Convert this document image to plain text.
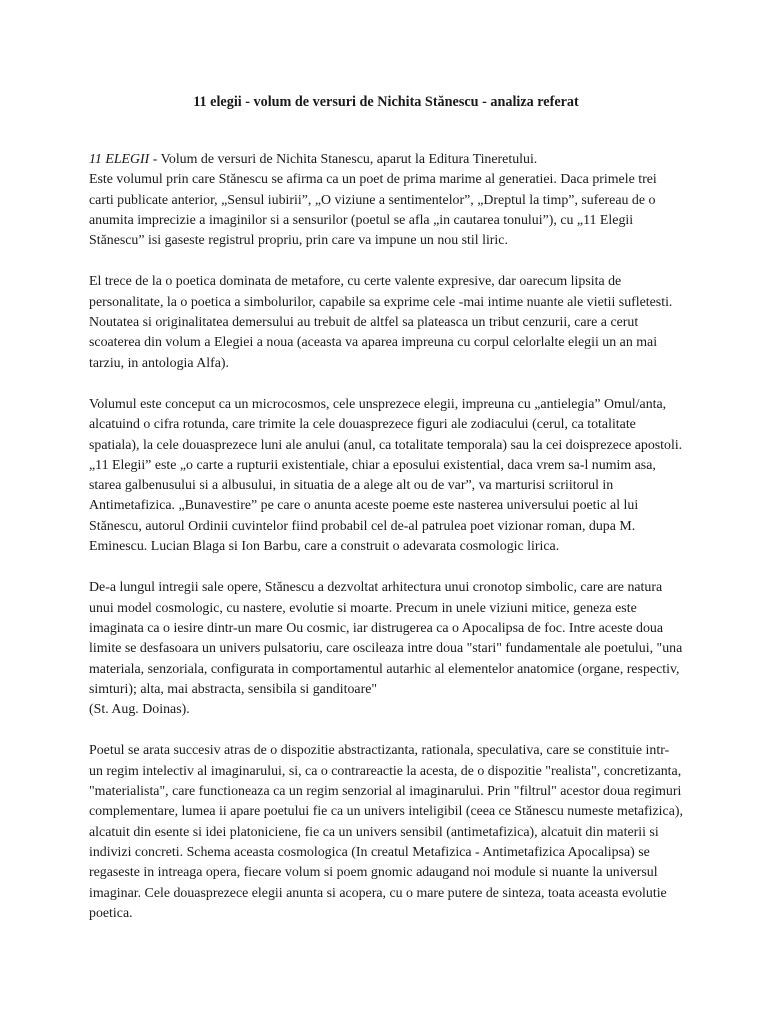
11 elegii - volum de versuri de Nichita Stănescu - analiza referat

11 ELEGII - Volum de versuri de Nichita Stanescu, aparut la Editura Tineretului.
Este volumul prin care Stănescu se afirma ca un poet de prima marime al generatiei. Daca primele trei carti publicate anterior, „Sensul iubirii”, „O viziune a sentimentelor”, „Dreptul la timp”, sufereau de o anumita imprecizie a imaginilor si a sensurilor (poetul se afla „in cautarea tonului”), cu „11 Elegii Stănescu” isi gaseste registrul propriu, prin care va impune un nou stil liric.

El trece de la o poetica dominata de metafore, cu certe valente expresive, dar oarecum lipsita de personalitate, la o poetica a simbolurilor, capabile sa exprime cele -mai intime nuante ale vietii sufletesti. Noutatea si originalitatea demersului au trebuit de altfel sa plateasca un tribut cenzurii, care a cerut scoaterea din volum a Elegiei a noua (aceasta va aparea impreuna cu corpul celorlalte elegii un an mai tarziu, in antologia Alfa).

Volumul este conceput ca un microcosmos, cele unsprezece elegii, impreuna cu „antielegia” Omul/anta, alcatuind o cifra rotunda, care trimite la cele douasprezece figuri ale zodiacului (cerul, ca totalitate spatiala), la cele douasprezece luni ale anului (anul, ca totalitate temporala) sau la cei doisprezece apostoli. „11 Elegii” este „o carte a rupturii existentiale, chiar a eposului existential, daca vrem sa-l numim asa, starea galbenusului si a albusului, in situatia de a alege alt ou de var”, va marturisi scriitorul in Antimetafizica. „Bunavestire” pe care o anunta aceste poeme este nasterea universului poetic al lui Stănescu, autorul Ordinii cuvintelor fiind probabil cel de-al patrulea poet vizionar roman, dupa M. Eminescu. Lucian Blaga si Ion Barbu, care a construit o adevarata cosmologic lirica.

De-a lungul intregii sale opere, Stănescu a dezvoltat arhitectura unui cronotop simbolic, care are natura unui model cosmologic, cu nastere, evolutie si moarte. Precum in unele viziuni mitice, geneza este imaginata ca o iesire dintr-un mare Ou cosmic, iar distrugerea ca o Apocalipsa de foc. Intre aceste doua limite se desfasoara un univers pulsatoriu, care oscileaza intre doua "stari" fundamentale ale poetului, "una materiala, senzoriala, configurata in comportamentul autarhic al elementelor anatomice (organe, respectiv, simturi); alta, mai abstracta, sensibila si ganditoare"
(St. Aug. Doinas).

Poetul se arata succesiv atras de o dispozitie abstractizanta, rationala, speculativa, care se constituie intr-un regim intelectiv al imaginarului, si, ca o contrareactie la acesta, de o dispozitie "realista", concretizanta, "materialista", care functioneaza ca un regim senzorial al imaginarului. Prin "filtrul" acestor doua regimuri complementare, lumea ii apare poetului fie ca un univers inteligibil (ceea ce Stănescu numeste metafizica), alcatuit din esente si idei platoniciene, fie ca un univers sensibil (antimetafizica), alcatuit din materii si indivizi concreti. Schema aceasta cosmologica (In creatul Metafizica - Antimetafizica Apocalipsa) se regaseste in intreaga opera, fiecare volum si poem gnomic adaugand noi module si nuante la universul imaginar. Cele douasprezece elegii anunta si acopera, cu o mare putere de sinteza, toata aceasta evolutie poetica.
